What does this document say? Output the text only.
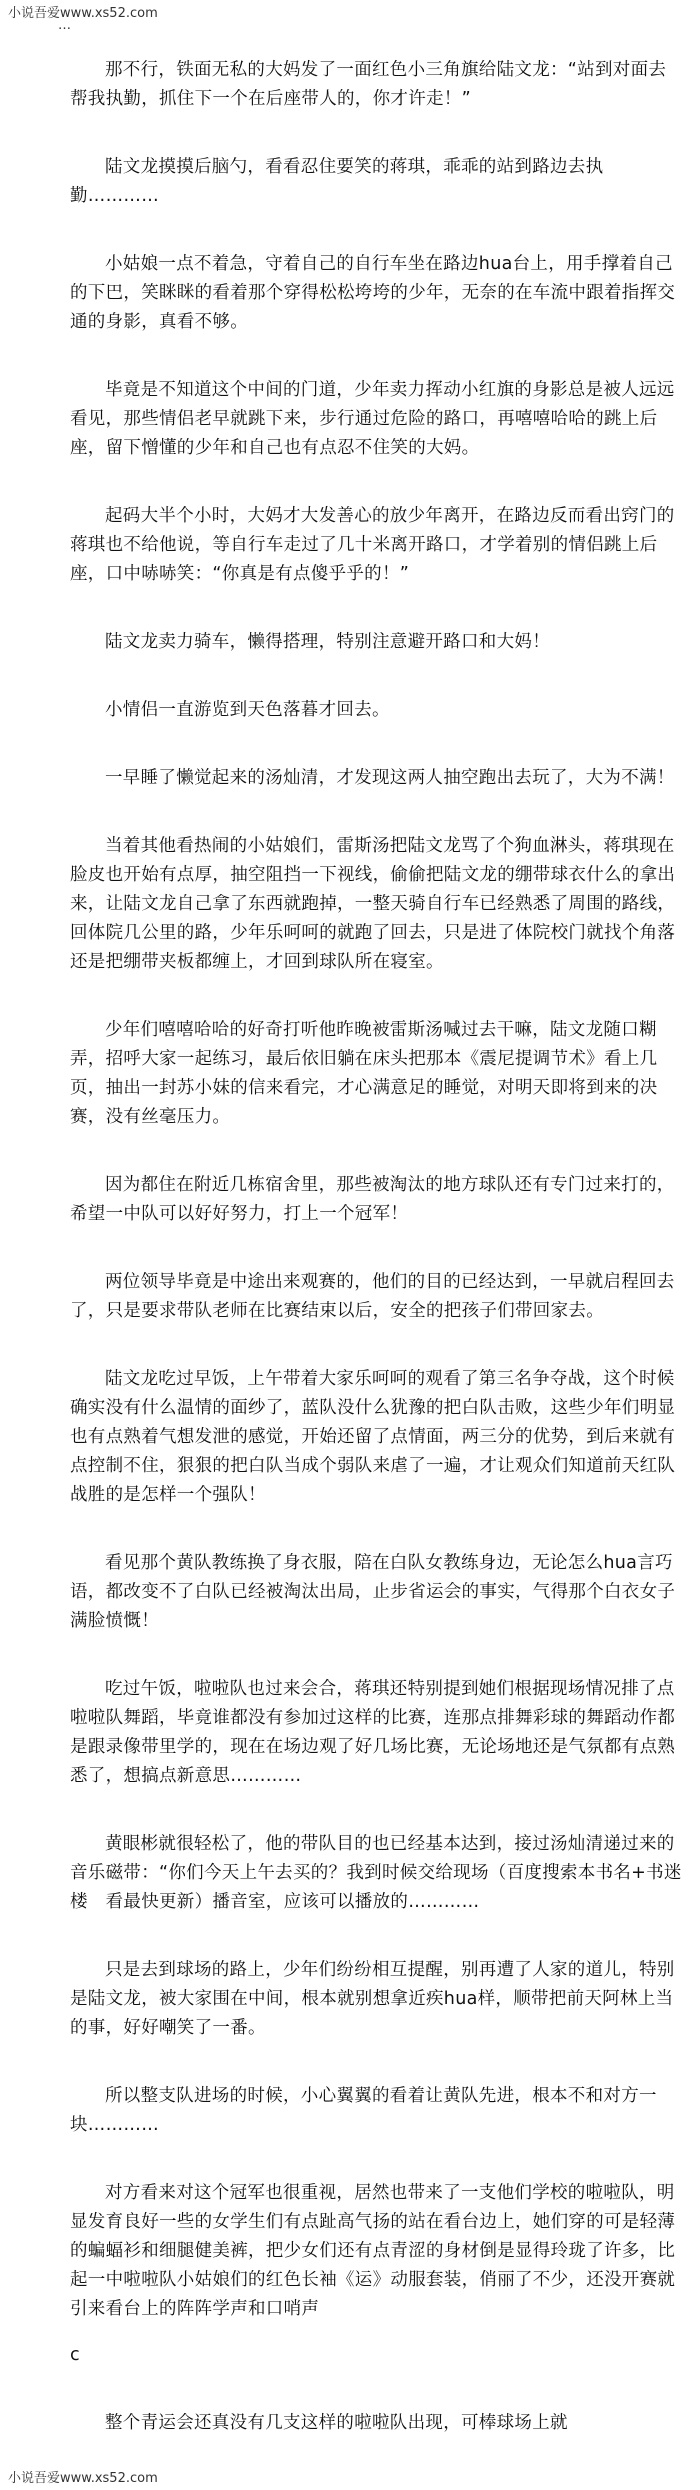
小说吾爱www.xs52.com
…

那不行，铁面无私的大妈发了一面红色小三角旗给陆文龙：“站到对面去帮我执勤，抓住下一个在后座带人的，你才许走！”

陆文龙摸摸后脑勺，看看忍住要笑的蒋琪，乖乖的站到路边去执勤…………

小姑娘一点不着急，守着自己的自行车坐在路边hua台上，用手撑着自己的下巴，笑眯眯的看着那个穿得松松垮垮的少年，无奈的在车流中跟着指挥交通的身影，真看不够。

毕竟是不知道这个中间的门道，少年卖力挥动小红旗的身影总是被人远远看见，那些情侣老早就跳下来，步行通过危险的路口，再嘻嘻哈哈的跳上后座，留下憎懂的少年和自己也有点忍不住笑的大妈。

起码大半个小时，大妈才大发善心的放少年离开，在路边反而看出窍门的蒋琪也不给他说，等自行车走过了几十米离开路口，才学着别的情侣跳上后座，口中哧哧笑：“你真是有点傻乎乎的！”

陆文龙卖力骑车，懒得搭理，特别注意避开路口和大妈！

小情侣一直游览到天色落暮才回去。

一早睡了懒觉起来的汤灿清，才发现这两人抽空跑出去玩了，大为不满！

当着其他看热闹的小姑娘们，雷斯汤把陆文龙骂了个狗血淋头，蒋琪现在脸皮也开始有点厚，抽空阻挡一下视线，偷偷把陆文龙的绷带球衣什么的拿出来，让陆文龙自己拿了东西就跑掉，一整天骑自行车已经熟悉了周围的路线，回体院几公里的路，少年乐呵呵的就跑了回去，只是进了体院校门就找个角落还是把绷带夹板都缠上，才回到球队所在寝室。

少年们嘻嘻哈哈的好奇打听他昨晚被雷斯汤喊过去干嘛，陆文龙随口糊弄，招呼大家一起练习，最后依旧躺在床头把那本《震尼提调节术》看上几页，抽出一封苏小妹的信来看完，才心满意足的睡觉，对明天即将到来的决赛，没有丝毫压力。

因为都住在附近几栋宿舍里，那些被淘汰的地方球队还有专门过来打的，希望一中队可以好好努力，打上一个冠军！

两位领导毕竟是中途出来观赛的，他们的目的已经达到，一早就启程回去了，只是要求带队老师在比赛结束以后，安全的把孩子们带回家去。

陆文龙吃过早饭，上午带着大家乐呵呵的观看了第三名争夺战，这个时候确实没有什么温情的面纱了，蓝队没什么犹豫的把白队击败，这些少年们明显也有点熟着气想发泄的感觉，开始还留了点情面，两三分的优势，到后来就有点控制不住，狠狠的把白队当成个弱队来虐了一遍，才让观众们知道前天红队战胜的是怎样一个强队！

看见那个黄队教练换了身衣服，陪在白队女教练身边，无论怎么hua言巧语，都改变不了白队已经被淘汰出局，止步省运会的事实，气得那个白衣女子满脸愤慨！

吃过午饭，啦啦队也过来会合，蒋琪还特别提到她们根据现场情况排了点啦啦队舞蹈，毕竟谁都没有参加过这样的比赛，连那点排舞彩球的舞蹈动作都是跟录像带里学的，现在在场边观了好几场比赛，无论场地还是气氛都有点熟悉了，想搞点新意思…………

黄眼彬就很轻松了，他的带队目的也已经基本达到，接过汤灿清递过来的音乐磁带：“你们今天上午去买的？我到时候交给现场（百度搜索本书名+书迷楼　看最快更新）播音室，应该可以播放的…………

只是去到球场的路上，少年们纷纷相互提醒，别再遭了人家的道儿，特别是陆文龙，被大家围在中间，根本就别想拿近疾hua样，顺带把前天阿林上当的事，好好嘲笑了一番。

所以整支队进场的时候，小心翼翼的看着让黄队先进，根本不和对方一块…………

对方看来对这个冠军也很重视，居然也带来了一支他们学校的啦啦队，明显发育良好一些的女学生们有点趾高气扬的站在看台边上，她们穿的可是轻薄的蝙蝠衫和细腿健美裤，把少女们还有点青涩的身材倒是显得玲珑了许多，比起一中啦啦队小姑娘们的红色长袖《运》动服套装，俏丽了不少，还没开赛就引来看台上的阵阵学声和口哨声

c

整个青运会还真没有几支这样的啦啦队出现，可棒球场上就

小说吾爱www.xs52.com
